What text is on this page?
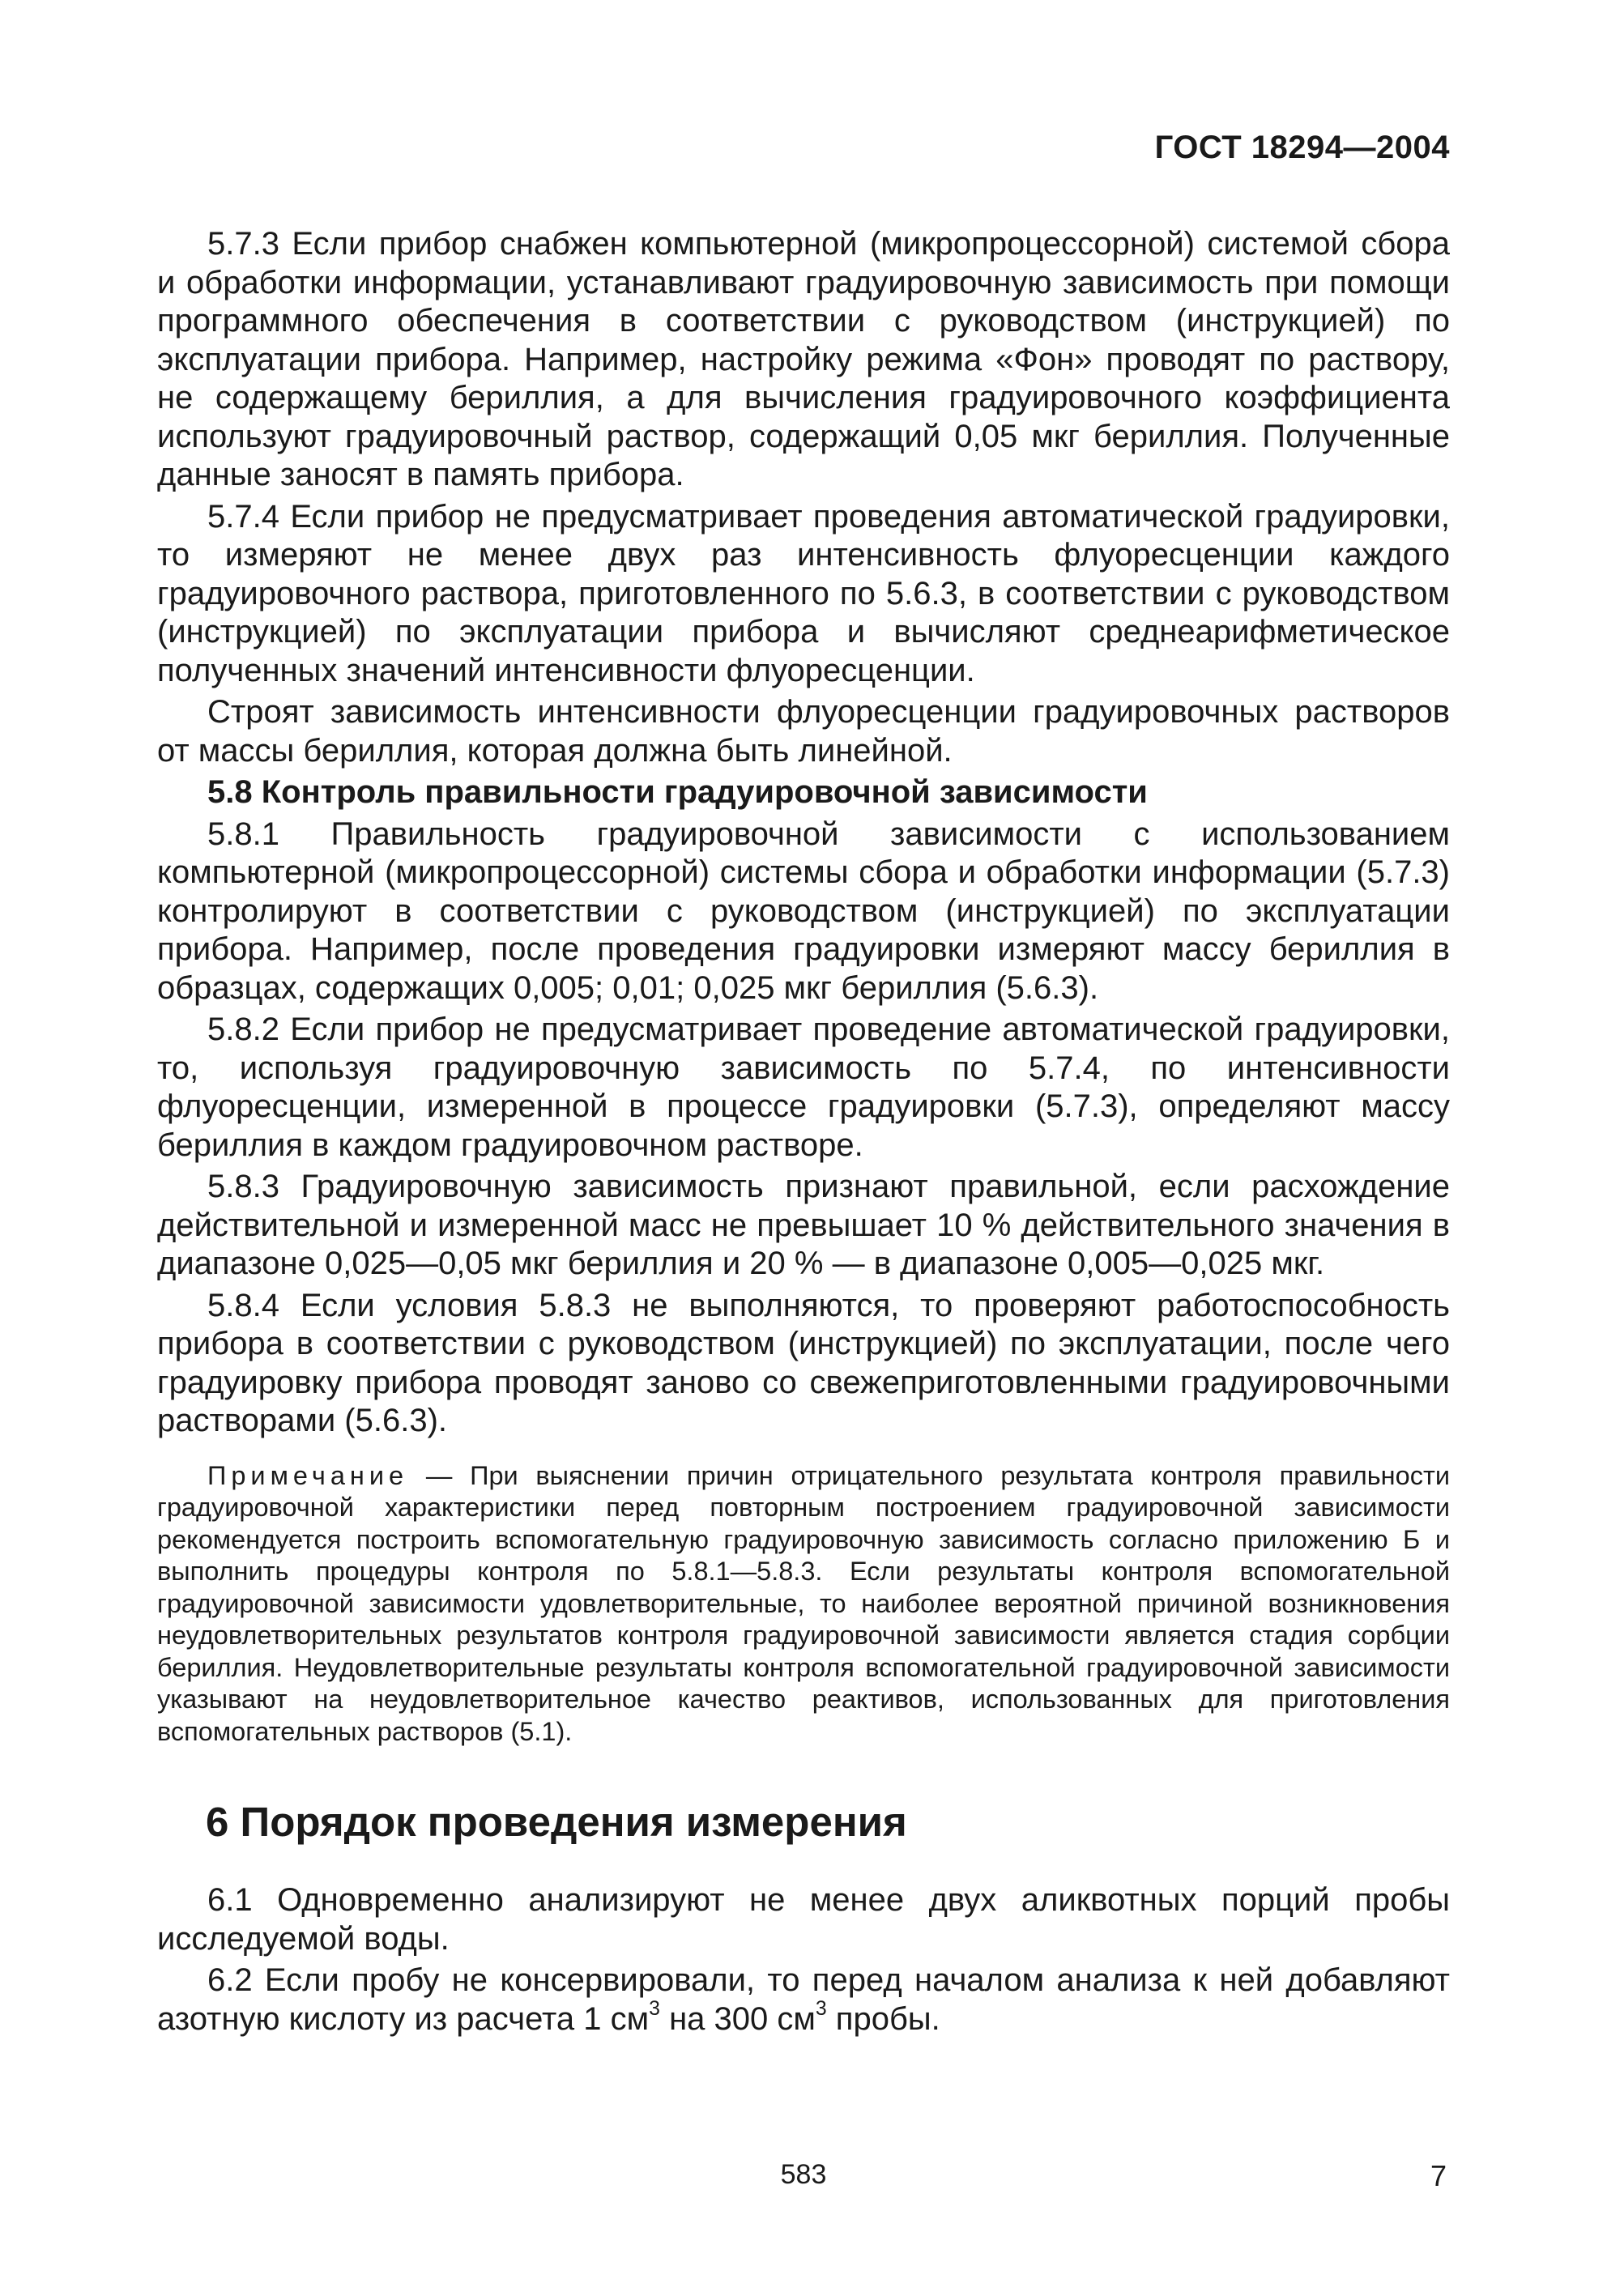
ГОСТ 18294—2004

5.7.3 Если прибор снабжен компьютерной (микропроцессорной) системой сбора и обработки информации, устанавливают градуировочную зависимость при помощи программного обеспечения в соответствии с руководством (инструкцией) по эксплуатации прибора. Например, настройку режима «Фон» проводят по раствору, не содержащему бериллия, а для вычисления градуировочного коэффициента используют градуировочный раствор, содержащий 0,05 мкг бериллия. Полученные данные заносят в память прибора.

5.7.4 Если прибор не предусматривает проведения автоматической градуировки, то измеряют не менее двух раз интенсивность флуоресценции каждого градуировочного раствора, приготовленного по 5.6.3, в соответствии с руководством (инструкцией) по эксплуатации прибора и вычисляют среднеарифметическое полученных значений интенсивности флуоресценции.

Строят зависимость интенсивности флуоресценции градуировочных растворов от массы бериллия, которая должна быть линейной.

5.8 Контроль правильности градуировочной зависимости

5.8.1 Правильность градуировочной зависимости с использованием компьютерной (микропроцессорной) системы сбора и обработки информации (5.7.3) контролируют в соответствии с руководством (инструкцией) по эксплуатации прибора. Например, после проведения градуировки измеряют массу бериллия в образцах, содержащих 0,005; 0,01; 0,025 мкг бериллия (5.6.3).

5.8.2 Если прибор не предусматривает проведение автоматической градуировки, то, используя градуировочную зависимость по 5.7.4, по интенсивности флуоресценции, измеренной в процессе градуировки (5.7.3), определяют массу бериллия в каждом градуировочном растворе.

5.8.3 Градуировочную зависимость признают правильной, если расхождение действительной и измеренной масс не превышает 10 % действительного значения в диапазоне 0,025—0,05 мкг бериллия и 20 % — в диапазоне 0,005—0,025 мкг.

5.8.4 Если условия 5.8.3 не выполняются, то проверяют работоспособность прибора в соответствии с руководством (инструкцией) по эксплуатации, после чего градуировку прибора проводят заново со свежеприготовленными градуировочными растворами (5.6.3).

Примечание — При выяснении причин отрицательного результата контроля правильности градуировочной характеристики перед повторным построением градуировочной зависимости рекомендуется построить вспомогательную градуировочную зависимость согласно приложению Б и выполнить процедуры контроля по 5.8.1—5.8.3. Если результаты контроля вспомогательной градуировочной зависимости удовлетворительные, то наиболее вероятной причиной возникновения неудовлетворительных результатов контроля градуировочной зависимости является стадия сорбции бериллия. Неудовлетворительные результаты контроля вспомогательной градуировочной зависимости указывают на неудовлетворительное качество реактивов, использованных для приготовления вспомогательных растворов (5.1).

6 Порядок проведения измерения

6.1 Одновременно анализируют не менее двух аликвотных порций пробы исследуемой воды.

6.2 Если пробу не консервировали, то перед началом анализа к ней добавляют азотную кислоту из расчета 1 $см^3$ на 300 $см^3$ пробы.

583	7
